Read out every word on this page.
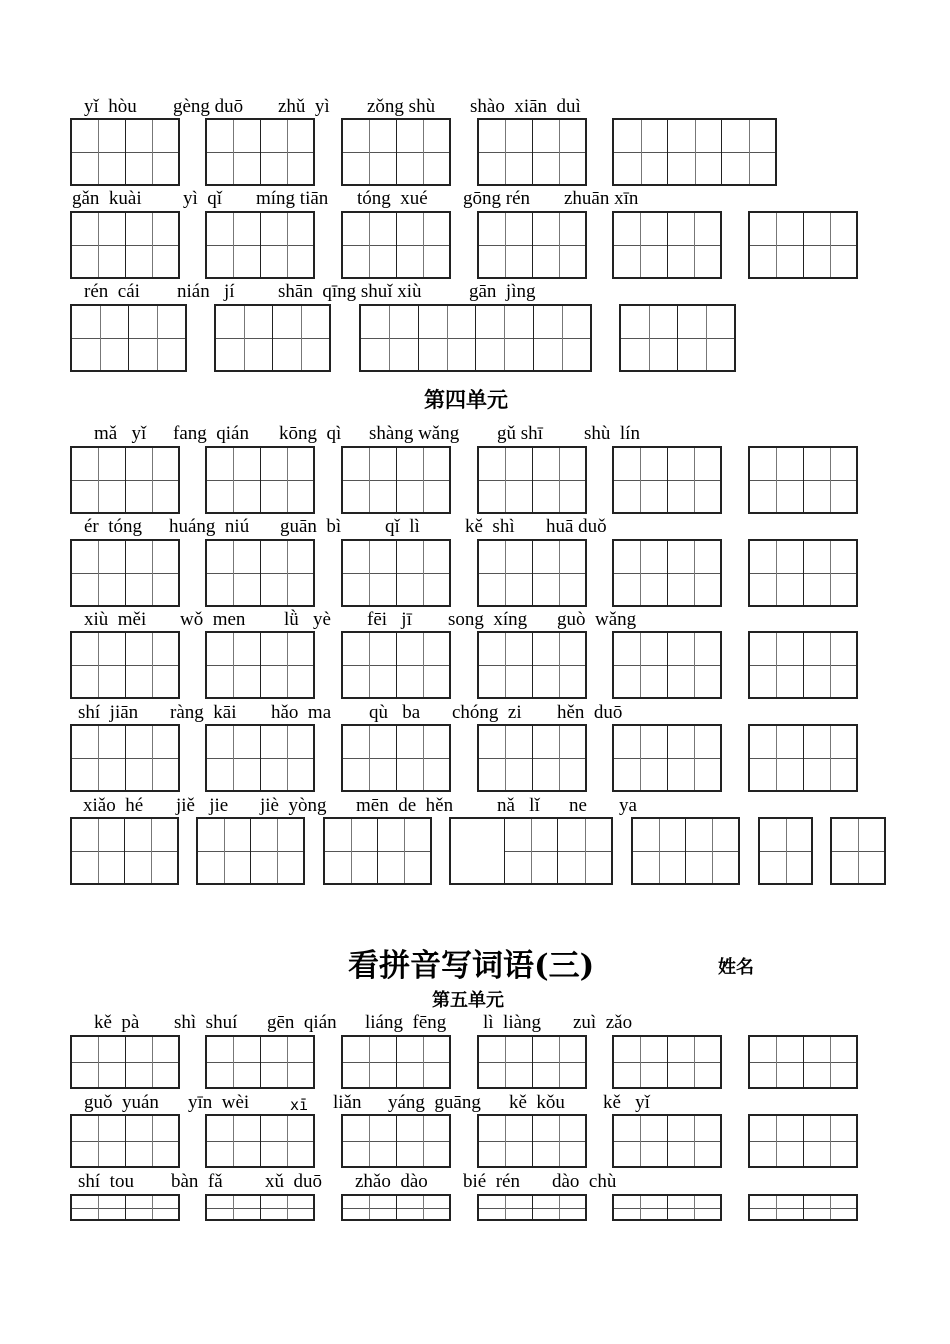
yǐ  hòu gèng duō zhǔ  yì zǒng shù shào  xiān  duì
gǎn  kuài yì  qǐ míng tiān tóng  xué gōng rén zhuān xīn
rén  cái nián   jí shān  qīng shuǐ xiù gān  jìng
第四单元
mǎ   yǐ fang  qián kōng  qì shàng wǎng gǔ shī shù  lín
ér  tóng huáng  niú guān  bì qǐ  lì kě  shì huā duǒ
xiù  měi wǒ  men lǜ   yè fēi   jī song  xíng guò  wǎng
shí  jiān ràng  kāi hǎo  ma qù   ba chóng  zi hěn  duō
xiǎo  hé jiě   jie jiè  yòng mēn  de  hěn nǎ   lǐ ne ya
看拼音写词语(三)	姓名
第五单元
kě  pà shì  shuí gēn  qián liáng  fēng lì  liàng zuì  zǎo
guǒ  yuán yīn  wèi	xī liǎn yáng  guāng kě  kǒu kě   yǐ
shí  tou bàn  fǎ xǔ  duō zhǎo  dào bié  rén dào  chù
